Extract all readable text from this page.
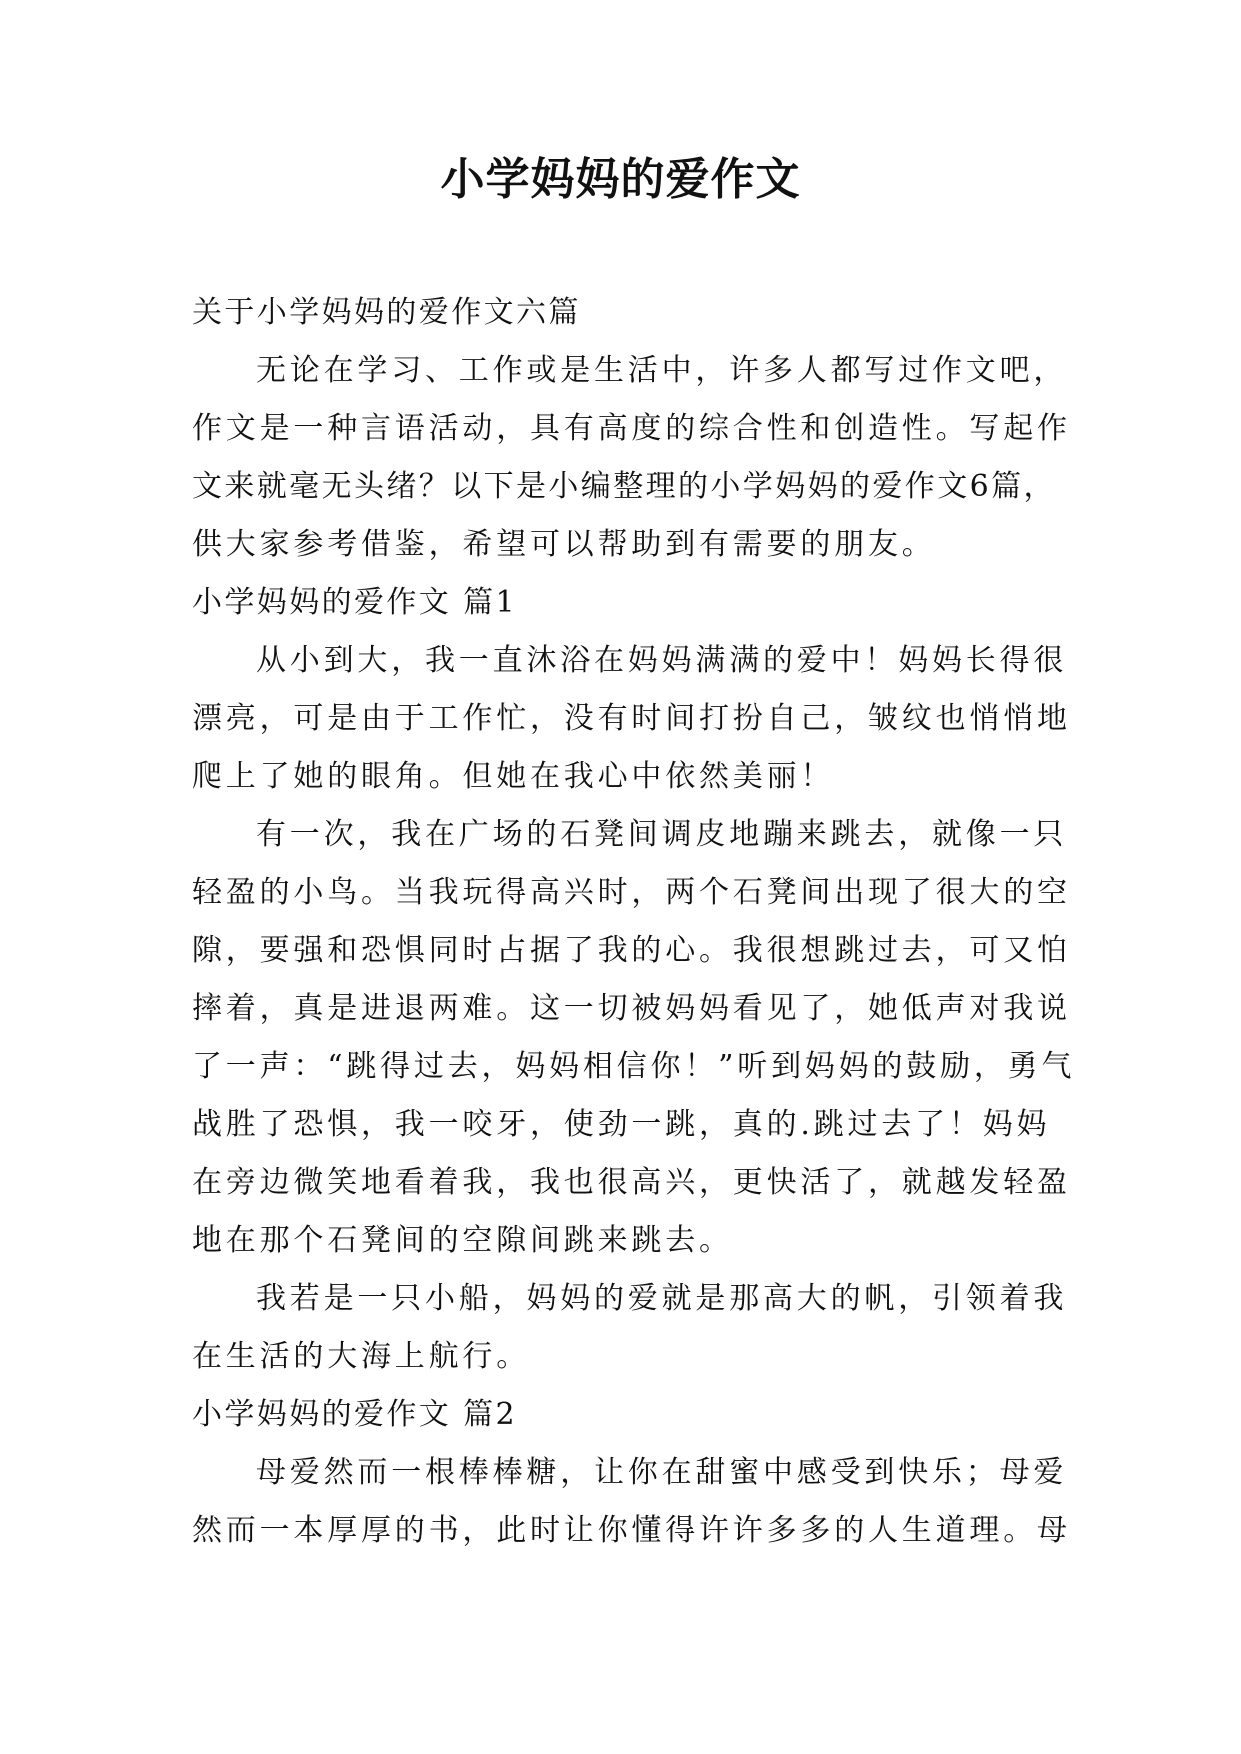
小学妈妈的爱作文

关于小学妈妈的爱作文六篇

无论在学习、工作或是生活中，许多人都写过作文吧，

作文是一种言语活动，具有高度的综合性和创造性。写起作

文来就毫无头绪？以下是小编整理的小学妈妈的爱作文6篇，

供大家参考借鉴，希望可以帮助到有需要的朋友。

小学妈妈的爱作文 篇1

从小到大，我一直沐浴在妈妈满满的爱中！妈妈长得很

漂亮，可是由于工作忙，没有时间打扮自己，皱纹也悄悄地

爬上了她的眼角。但她在我心中依然美丽！

有一次，我在广场的石凳间调皮地蹦来跳去，就像一只

轻盈的小鸟。当我玩得高兴时，两个石凳间出现了很大的空

隙，要强和恐惧同时占据了我的心。我很想跳过去，可又怕

摔着，真是进退两难。这一切被妈妈看见了，她低声对我说

了一声：“跳得过去，妈妈相信你！”听到妈妈的鼓励，勇气

战胜了恐惧，我一咬牙，使劲一跳，真的.跳过去了！妈妈

在旁边微笑地看着我，我也很高兴，更快活了，就越发轻盈

地在那个石凳间的空隙间跳来跳去。

我若是一只小船，妈妈的爱就是那高大的帆，引领着我

在生活的大海上航行。

小学妈妈的爱作文 篇2

母爱然而一根棒棒糖，让你在甜蜜中感受到快乐；母爱

然而一本厚厚的书，此时让你懂得许许多多的人生道理。母
